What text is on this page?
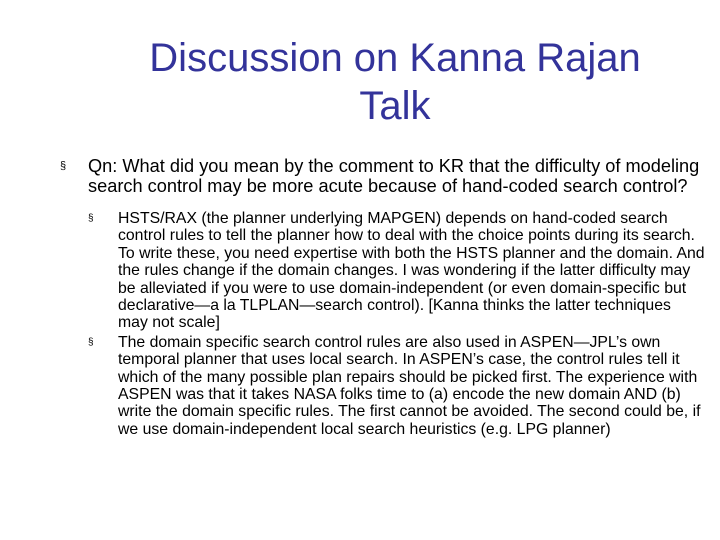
Discussion on Kanna Rajan
Talk
§ Qn: What did you mean by the comment to KR that the difficulty of modeling search control may be more acute because of hand-coded search control?
§ HSTS/RAX (the planner underlying MAPGEN) depends on hand-coded search control rules to tell the planner how to deal with the choice points during its search. To write these, you need expertise with both the HSTS planner and the domain. And the rules change if the domain changes. I was wondering if the latter difficulty may be alleviated if you were to use domain-independent (or even domain-specific but declarative—a la TLPLAN—search control). [Kanna thinks the latter techniques may not scale]
§ The domain specific search control rules are also used in ASPEN—JPL’s own temporal planner that uses local search. In ASPEN’s case, the control rules tell it which of the many possible plan repairs should be picked first. The experience with ASPEN was that it takes NASA folks time to (a) encode the new domain AND (b) write the domain specific rules. The first cannot be avoided. The second could be, if we use domain-independent local search heuristics (e.g. LPG planner)
